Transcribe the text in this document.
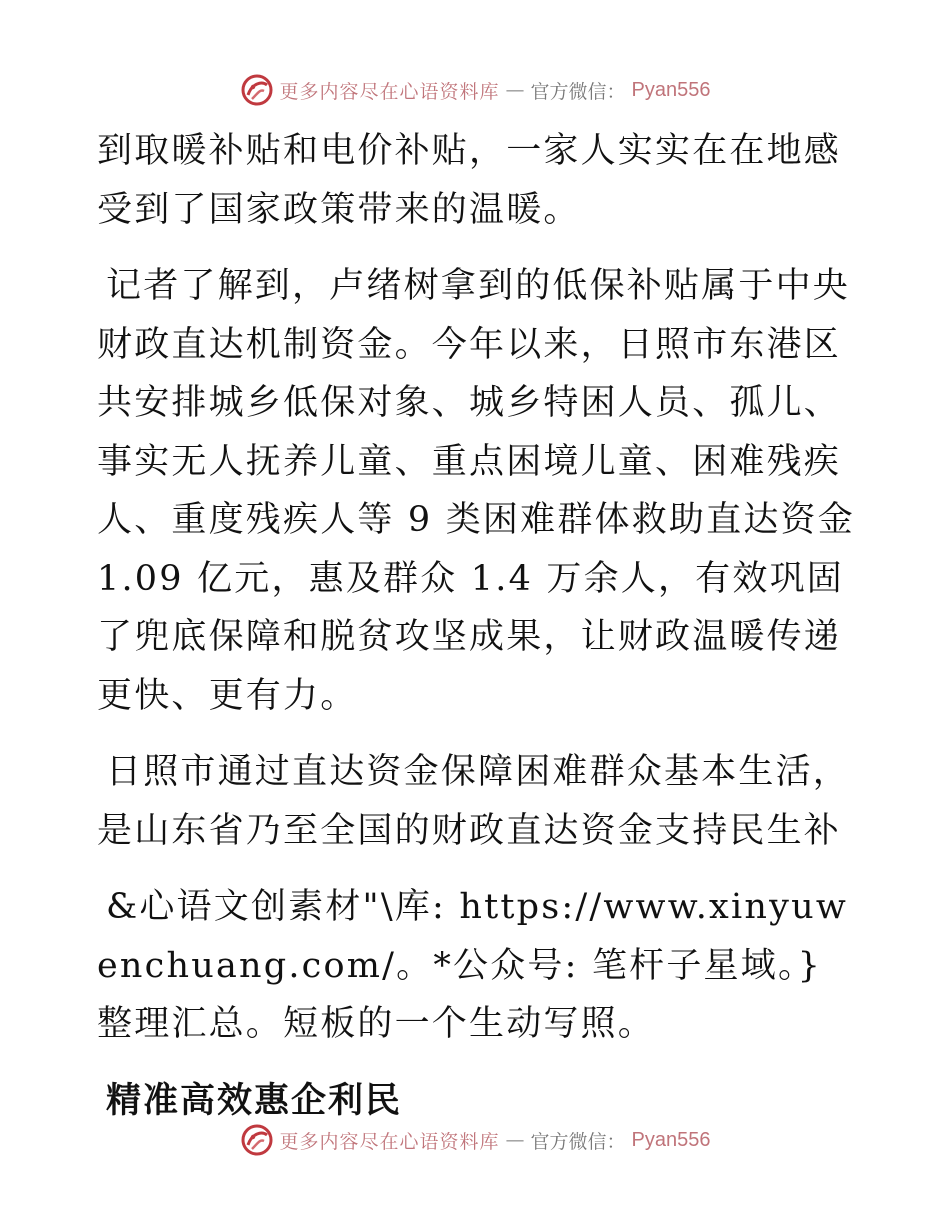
更多内容尽在心语资料库 — 官方微信： Pyan556

到取暖补贴和电价补贴，一家人实实在在地感受到了国家政策带来的温暖。

记者了解到，卢绪树拿到的低保补贴属于中央财政直达机制资金。今年以来，日照市东港区共安排城乡低保对象、城乡特困人员、孤儿、事实无人抚养儿童、重点困境儿童、困难残疾人、重度残疾人等 9 类困难群体救助直达资金 1.09 亿元，惠及群众 1.4 万余人，有效巩固了兜底保障和脱贫攻坚成果，让财政温暖传递更快、更有力。

日照市通过直达资金保障困难群众基本生活，是山东省乃至全国的财政直达资金支持民生补

&心语文创素材"\库: https://www.xinyuwenchuang.com/。*公众号: 笔杆子星域。}整理汇总。短板的一个生动写照。

精准高效惠企利民
更多内容尽在心语资料库 — 官方微信： Pyan556
